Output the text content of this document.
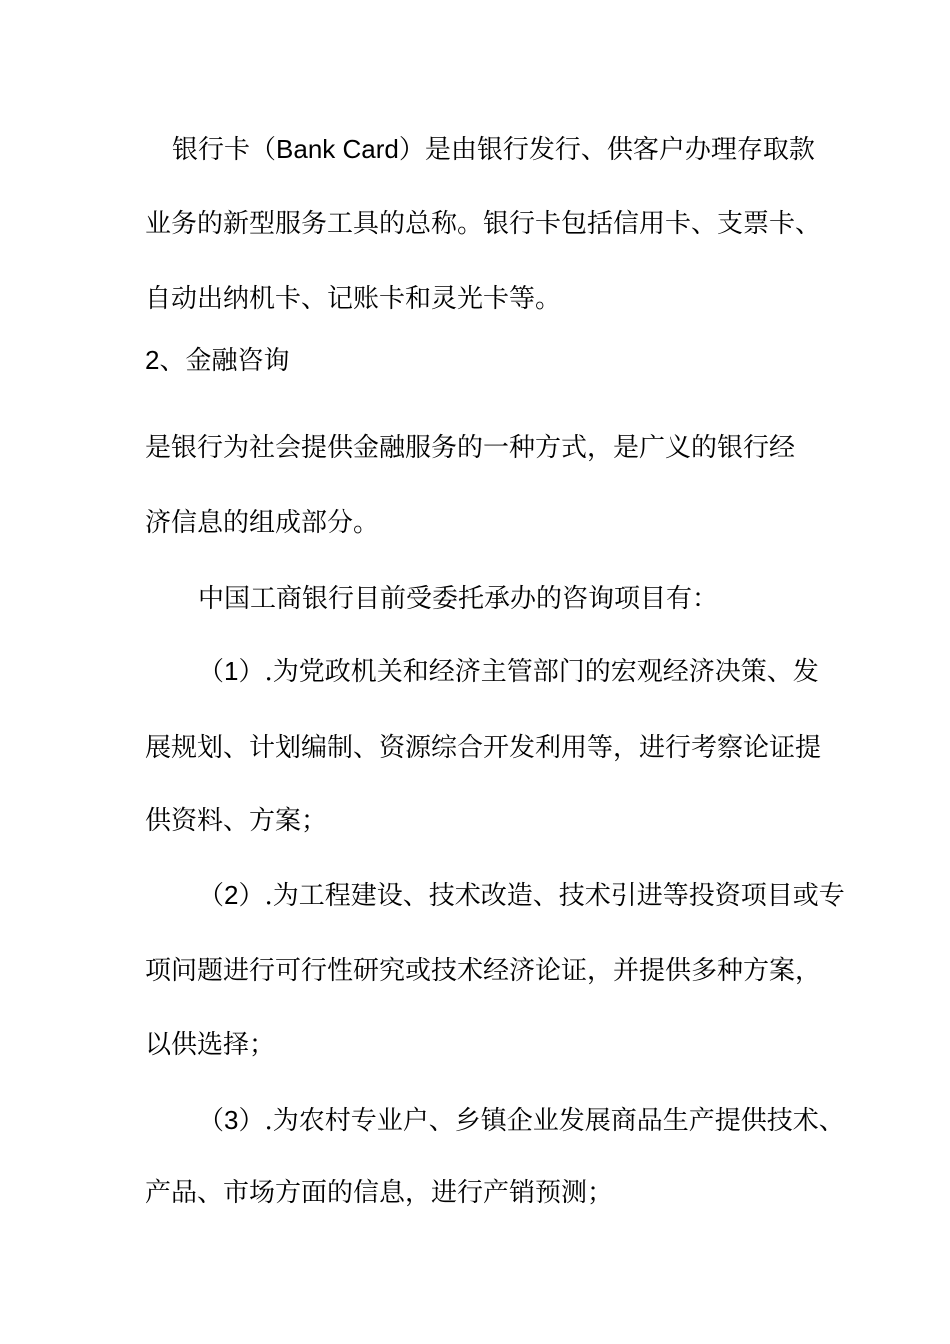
银行卡（Bank Card）是由银行发行、供客户办理存取款
业务的新型服务工具的总称。银行卡包括信用卡、支票卡、
自动出纳机卡、记账卡和灵光卡等。
2、金融咨询
是银行为社会提供金融服务的一种方式，是广义的银行经
济信息的组成部分。
中国工商银行目前受委托承办的咨询项目有：
（1）.为党政机关和经济主管部门的宏观经济决策、发
展规划、计划编制、资源综合开发利用等，进行考察论证提
供资料、方案；
（2）.为工程建设、技术改造、技术引进等投资项目或专
项问题进行可行性研究或技术经济论证，并提供多种方案，
以供选择；
（3）.为农村专业户、乡镇企业发展商品生产提供技术、
产品、市场方面的信息，进行产销预测；
